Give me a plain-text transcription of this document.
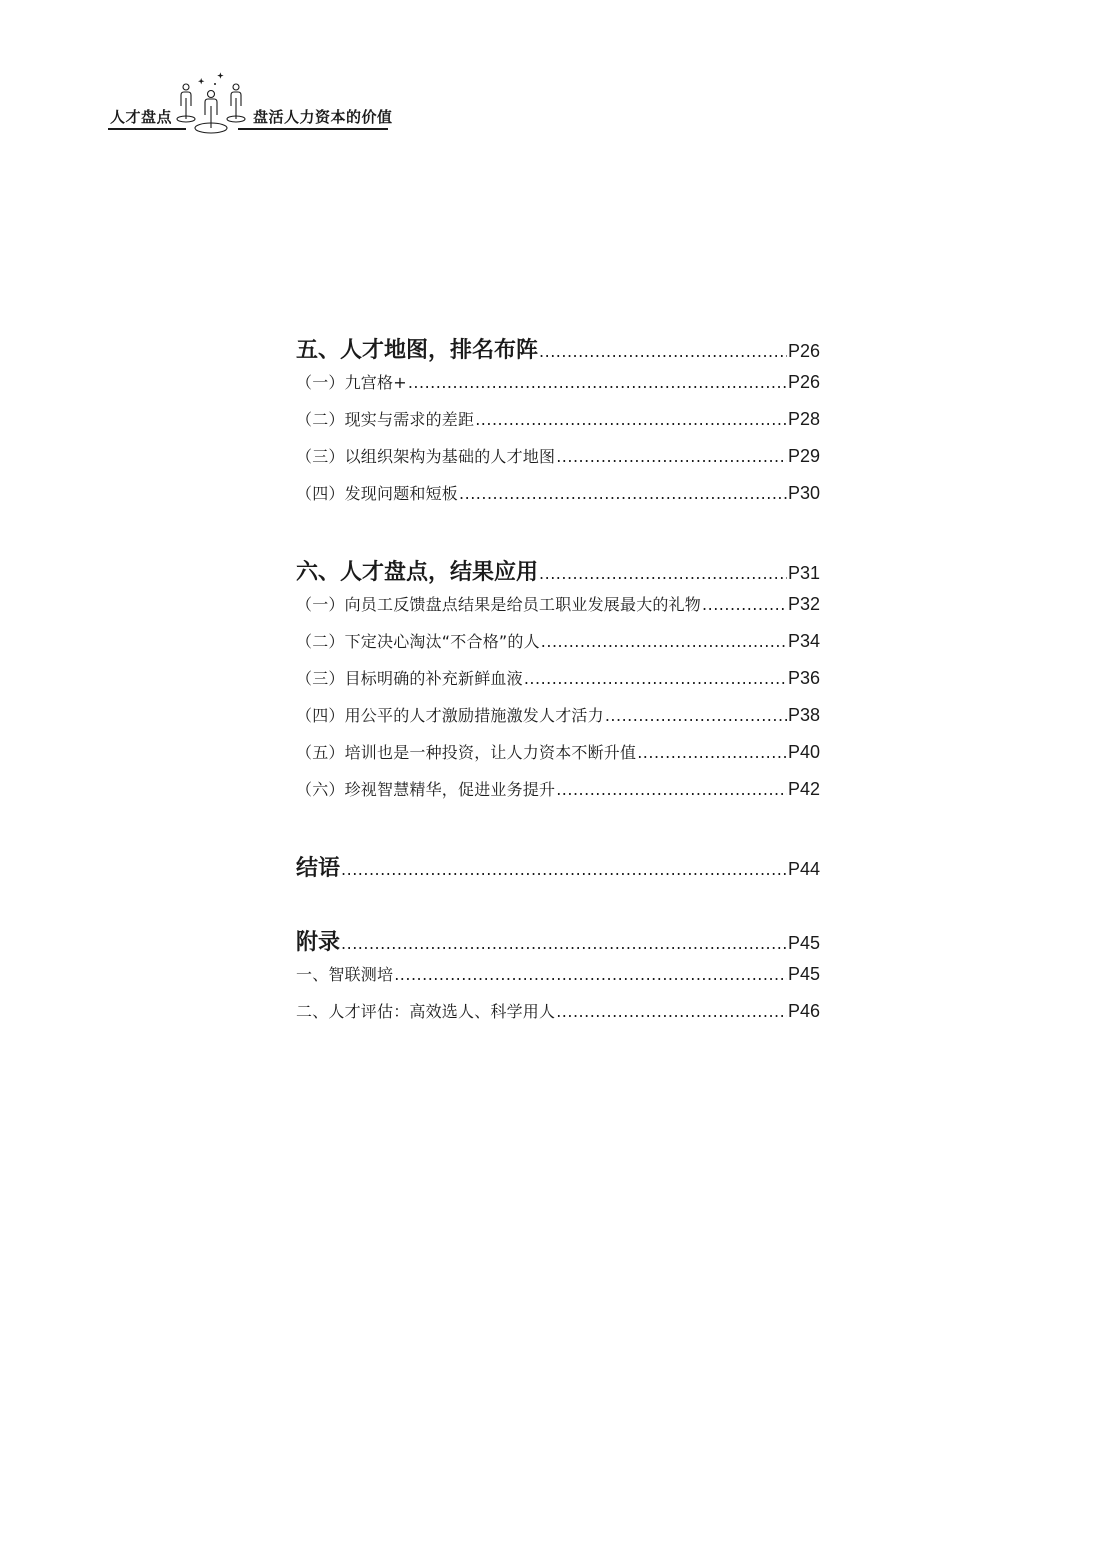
人才盘点	盘活人力资本的价值
五、人才地图，排名布阵 .....	P26
（一）九宫格+ .....	P26
（二）现实与需求的差距 .....	P28
（三）以组织架构为基础的人才地图 .....	P29
（四）发现问题和短板 .....	P30
六、人才盘点，结果应用 .....	P31
（一）向员工反馈盘点结果是给员工职业发展最大的礼物 .....	P32
（二）下定决心淘汰“不合格”的人 .....	P34
（三）目标明确的补充新鲜血液 .....	P36
（四）用公平的人才激励措施激发人才活力 .....	P38
（五）培训也是一种投资，让人力资本不断升值 .....	P40
（六）珍视智慧精华，促进业务提升 .....	P42
结语 .....	P44
附录 .....	P45
一、智联测培 .....	P45
二、人才评估：高效选人、科学用人 .....	P46
